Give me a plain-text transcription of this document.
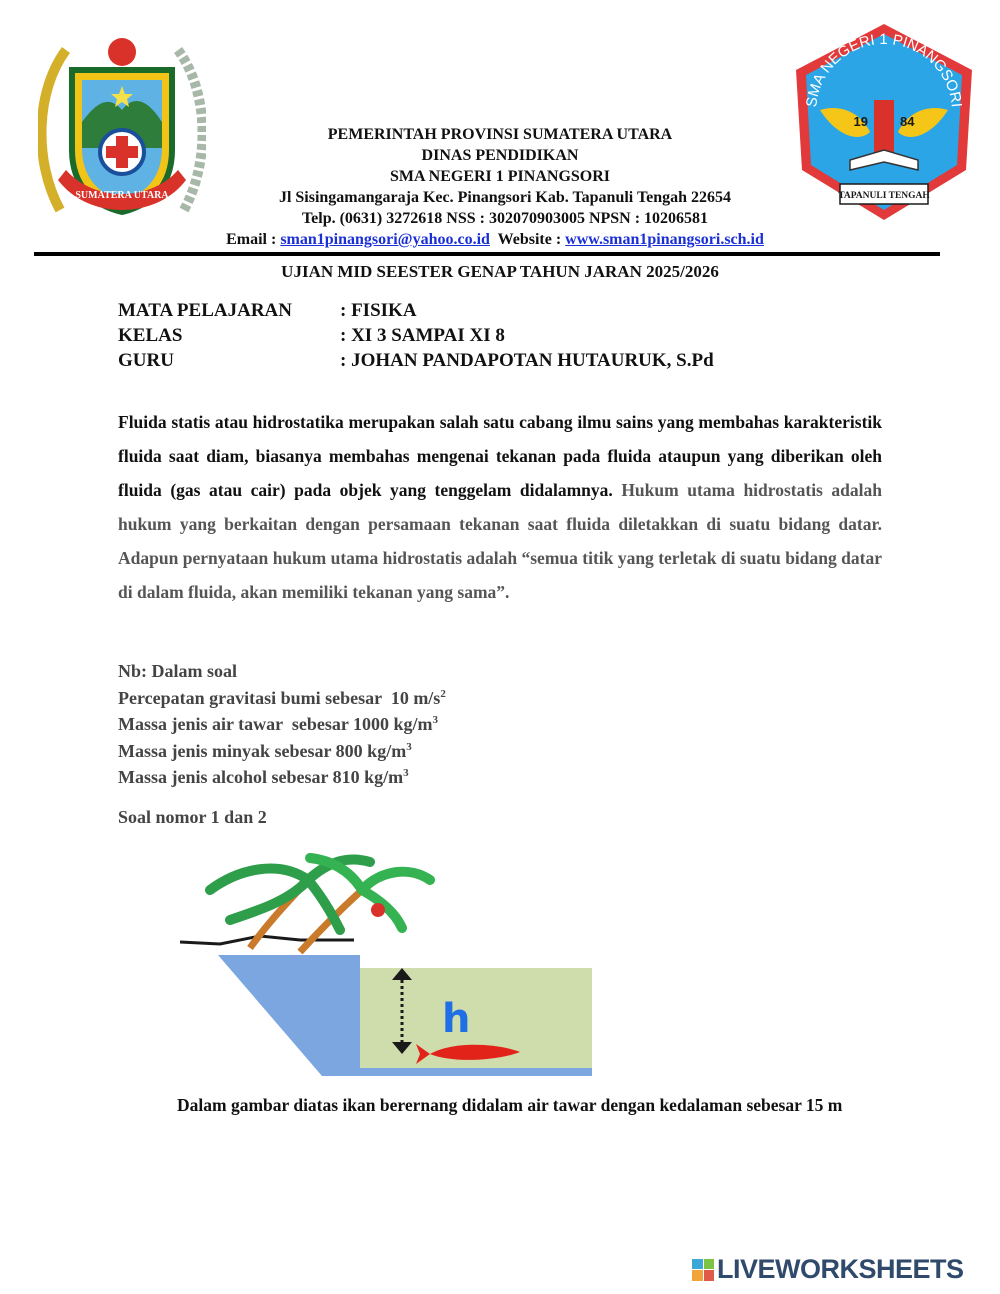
SUMATERA UTARA
SMA NEGERI 1 PINANGSORI
19 84
TAPANULI TENGAH
PEMERINTAH PROVINSI SUMATERA UTARA
DINAS PENDIDIKAN
SMA NEGERI 1 PINANGSORI
Jl Sisingamangaraja Kec. Pinangsori Kab. Tapanuli Tengah 22654
Telp. (0631) 3272618 NSS : 302070903005 NPSN : 10206581
Email : sman1pinangsori@yahoo.co.id  Website : www.sman1pinangsori.sch.id
UJIAN MID SEESTER GENAP TAHUN JARAN 2025/2026
MATA PELAJARAN	: FISIKA
KELAS	: XI 3 SAMPAI XI 8
GURU	: JOHAN PANDAPOTAN HUTAURUK, S.Pd
Fluida statis atau hidrostatika merupakan salah satu cabang ilmu sains yang membahas karakteristik fluida saat diam, biasanya membahas mengenai tekanan pada fluida ataupun yang diberikan oleh fluida (gas atau cair) pada objek yang tenggelam didalamnya. Hukum utama hidrostatis adalah hukum yang berkaitan dengan persamaan tekanan saat fluida diletakkan di suatu bidang datar. Adapun pernyataan hukum utama hidrostatis adalah “semua titik yang terletak di suatu bidang datar di dalam fluida, akan memiliki tekanan yang sama”.
Nb: Dalam soal
Percepatan gravitasi bumi sebesar  10 $m/s^2$
Massa jenis air tawar  sebesar 1000 $kg/m^3$
Massa jenis minyak sebesar 800 $kg/m^3$
Massa jenis alcohol sebesar 810 $kg/m^3$
Soal nomor 1 dan 2
h
Dalam gambar diatas ikan berernang didalam air tawar dengan kedalaman sebesar 15 m
LIVEWORKSHEETS
